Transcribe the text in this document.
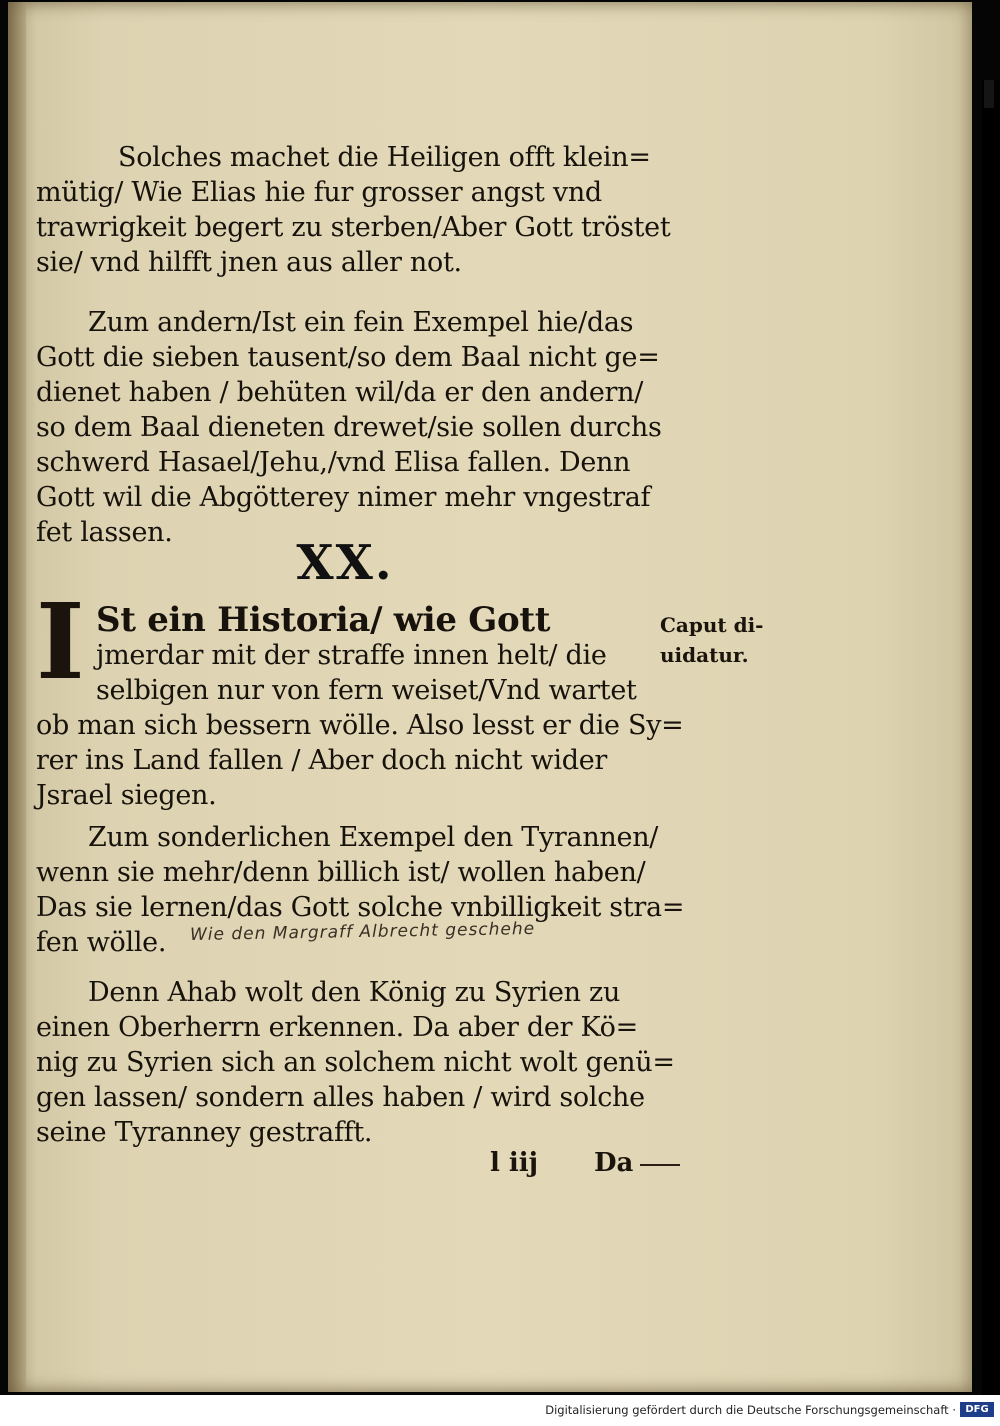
Solches machet die Heiligen offt klein=
mütig/ Wie Elias hie fur grosser angst vnd
trawrigkeit begert zu sterben/Aber Gott tröstet
sie/ vnd hilfft jnen aus aller not.
Zum andern/Ist ein fein Exempel hie/das
Gott die sieben tausent/so dem Baal nicht ge=
dienet haben / behüten wil/da er den andern/
so dem Baal dieneten drewet/sie sollen durchs
schwerd Hasael/Jehu,/vnd Elisa fallen. Denn
Gott wil die Abgötterey nimer mehr vngestraf
fet lassen.
XX.
I St ein Historia/ wie Gott
jmerdar mit der straffe innen helt/ die
selbigen nur von fern weiset/Vnd wartet
ob man sich bessern wölle. Also lesst er die Sy=
rer ins Land fallen / Aber doch nicht wider
Jsrael siegen.
Caput di-
uidatur.
Zum sonderlichen Exempel den Tyrannen/
wenn sie mehr/denn billich ist/ wollen haben/
Das sie lernen/das Gott solche vnbilligkeit stra=
fen wölle.	Wie den Margraff Albrecht geschehe
Denn Ahab wolt den König zu Syrien zu
einen Oberherrn erkennen. Da aber der Kö=
nig zu Syrien sich an solchem nicht wolt genü=
gen lassen/ sondern alles haben / wird solche
seine Tyranney gestrafft.
l iij Da
Digitalisierung gefördert durch die Deutsche Forschungsgemeinschaft · DFG
